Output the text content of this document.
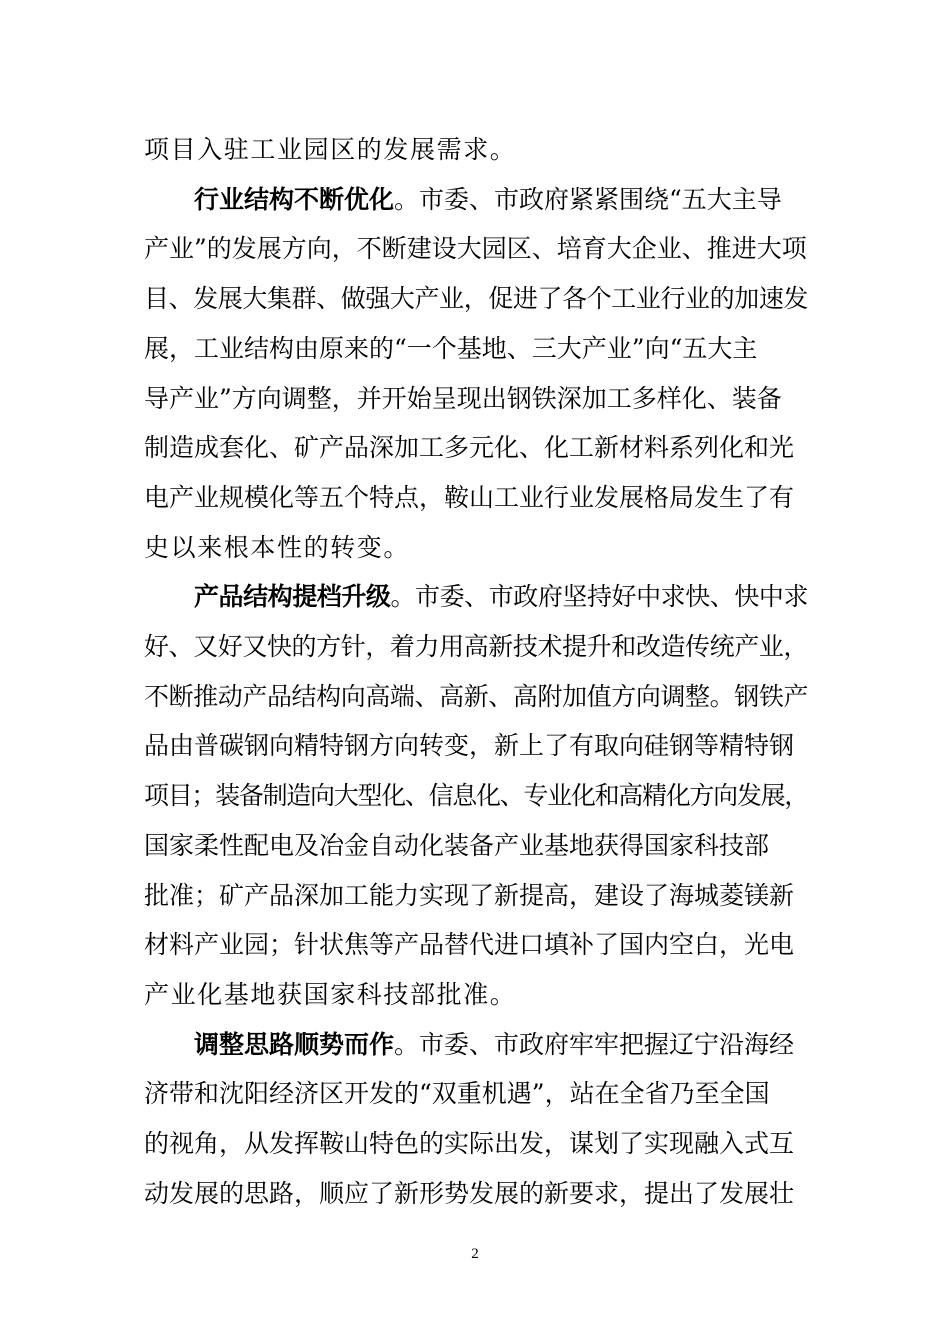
项目入驻工业园区的发展需求。
行业结构不断优化。市委、市政府紧紧围绕“五大主导
产业”的发展方向，不断建设大园区、培育大企业、推进大项
目、发展大集群、做强大产业，促进了各个工业行业的加速发
展，工业结构由原来的“一个基地、三大产业”向“五大主
导产业”方向调整，并开始呈现出钢铁深加工多样化、装备
制造成套化、矿产品深加工多元化、化工新材料系列化和光
电产业规模化等五个特点，鞍山工业行业发展格局发生了有
史以来根本性的转变。
产品结构提档升级。市委、市政府坚持好中求快、快中求
好、又好又快的方针，着力用高新技术提升和改造传统产业，
不断推动产品结构向高端、高新、高附加值方向调整。钢铁产
品由普碳钢向精特钢方向转变，新上了有取向硅钢等精特钢
项目；装备制造向大型化、信息化、专业化和高精化方向发展，
国家柔性配电及冶金自动化装备产业基地获得国家科技部
批准；矿产品深加工能力实现了新提高，建设了海城菱镁新
材料产业园；针状焦等产品替代进口填补了国内空白，光电
产业化基地获国家科技部批准。
调整思路顺势而作。市委、市政府牢牢把握辽宁沿海经
济带和沈阳经济区开发的“双重机遇”，站在全省乃至全国
的视角，从发挥鞍山特色的实际出发，谋划了实现融入式互
动发展的思路，顺应了新形势发展的新要求，提出了发展壮
2
